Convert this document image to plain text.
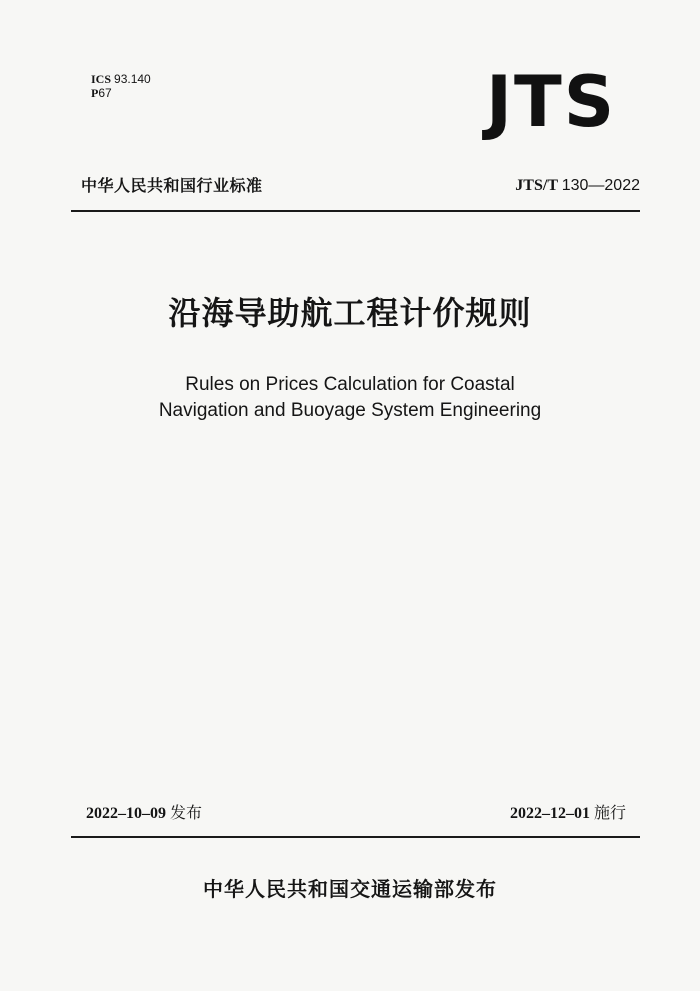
ICS 93.140
P67	JTS
中华人民共和国行业标准	JTS/T 130—2022
沿海导助航工程计价规则
Rules on Prices Calculation for Coastal
Navigation and Buoyage System Engineering
2022–10–09 发布	2022–12–01 施行
中华人民共和国交通运输部发布
